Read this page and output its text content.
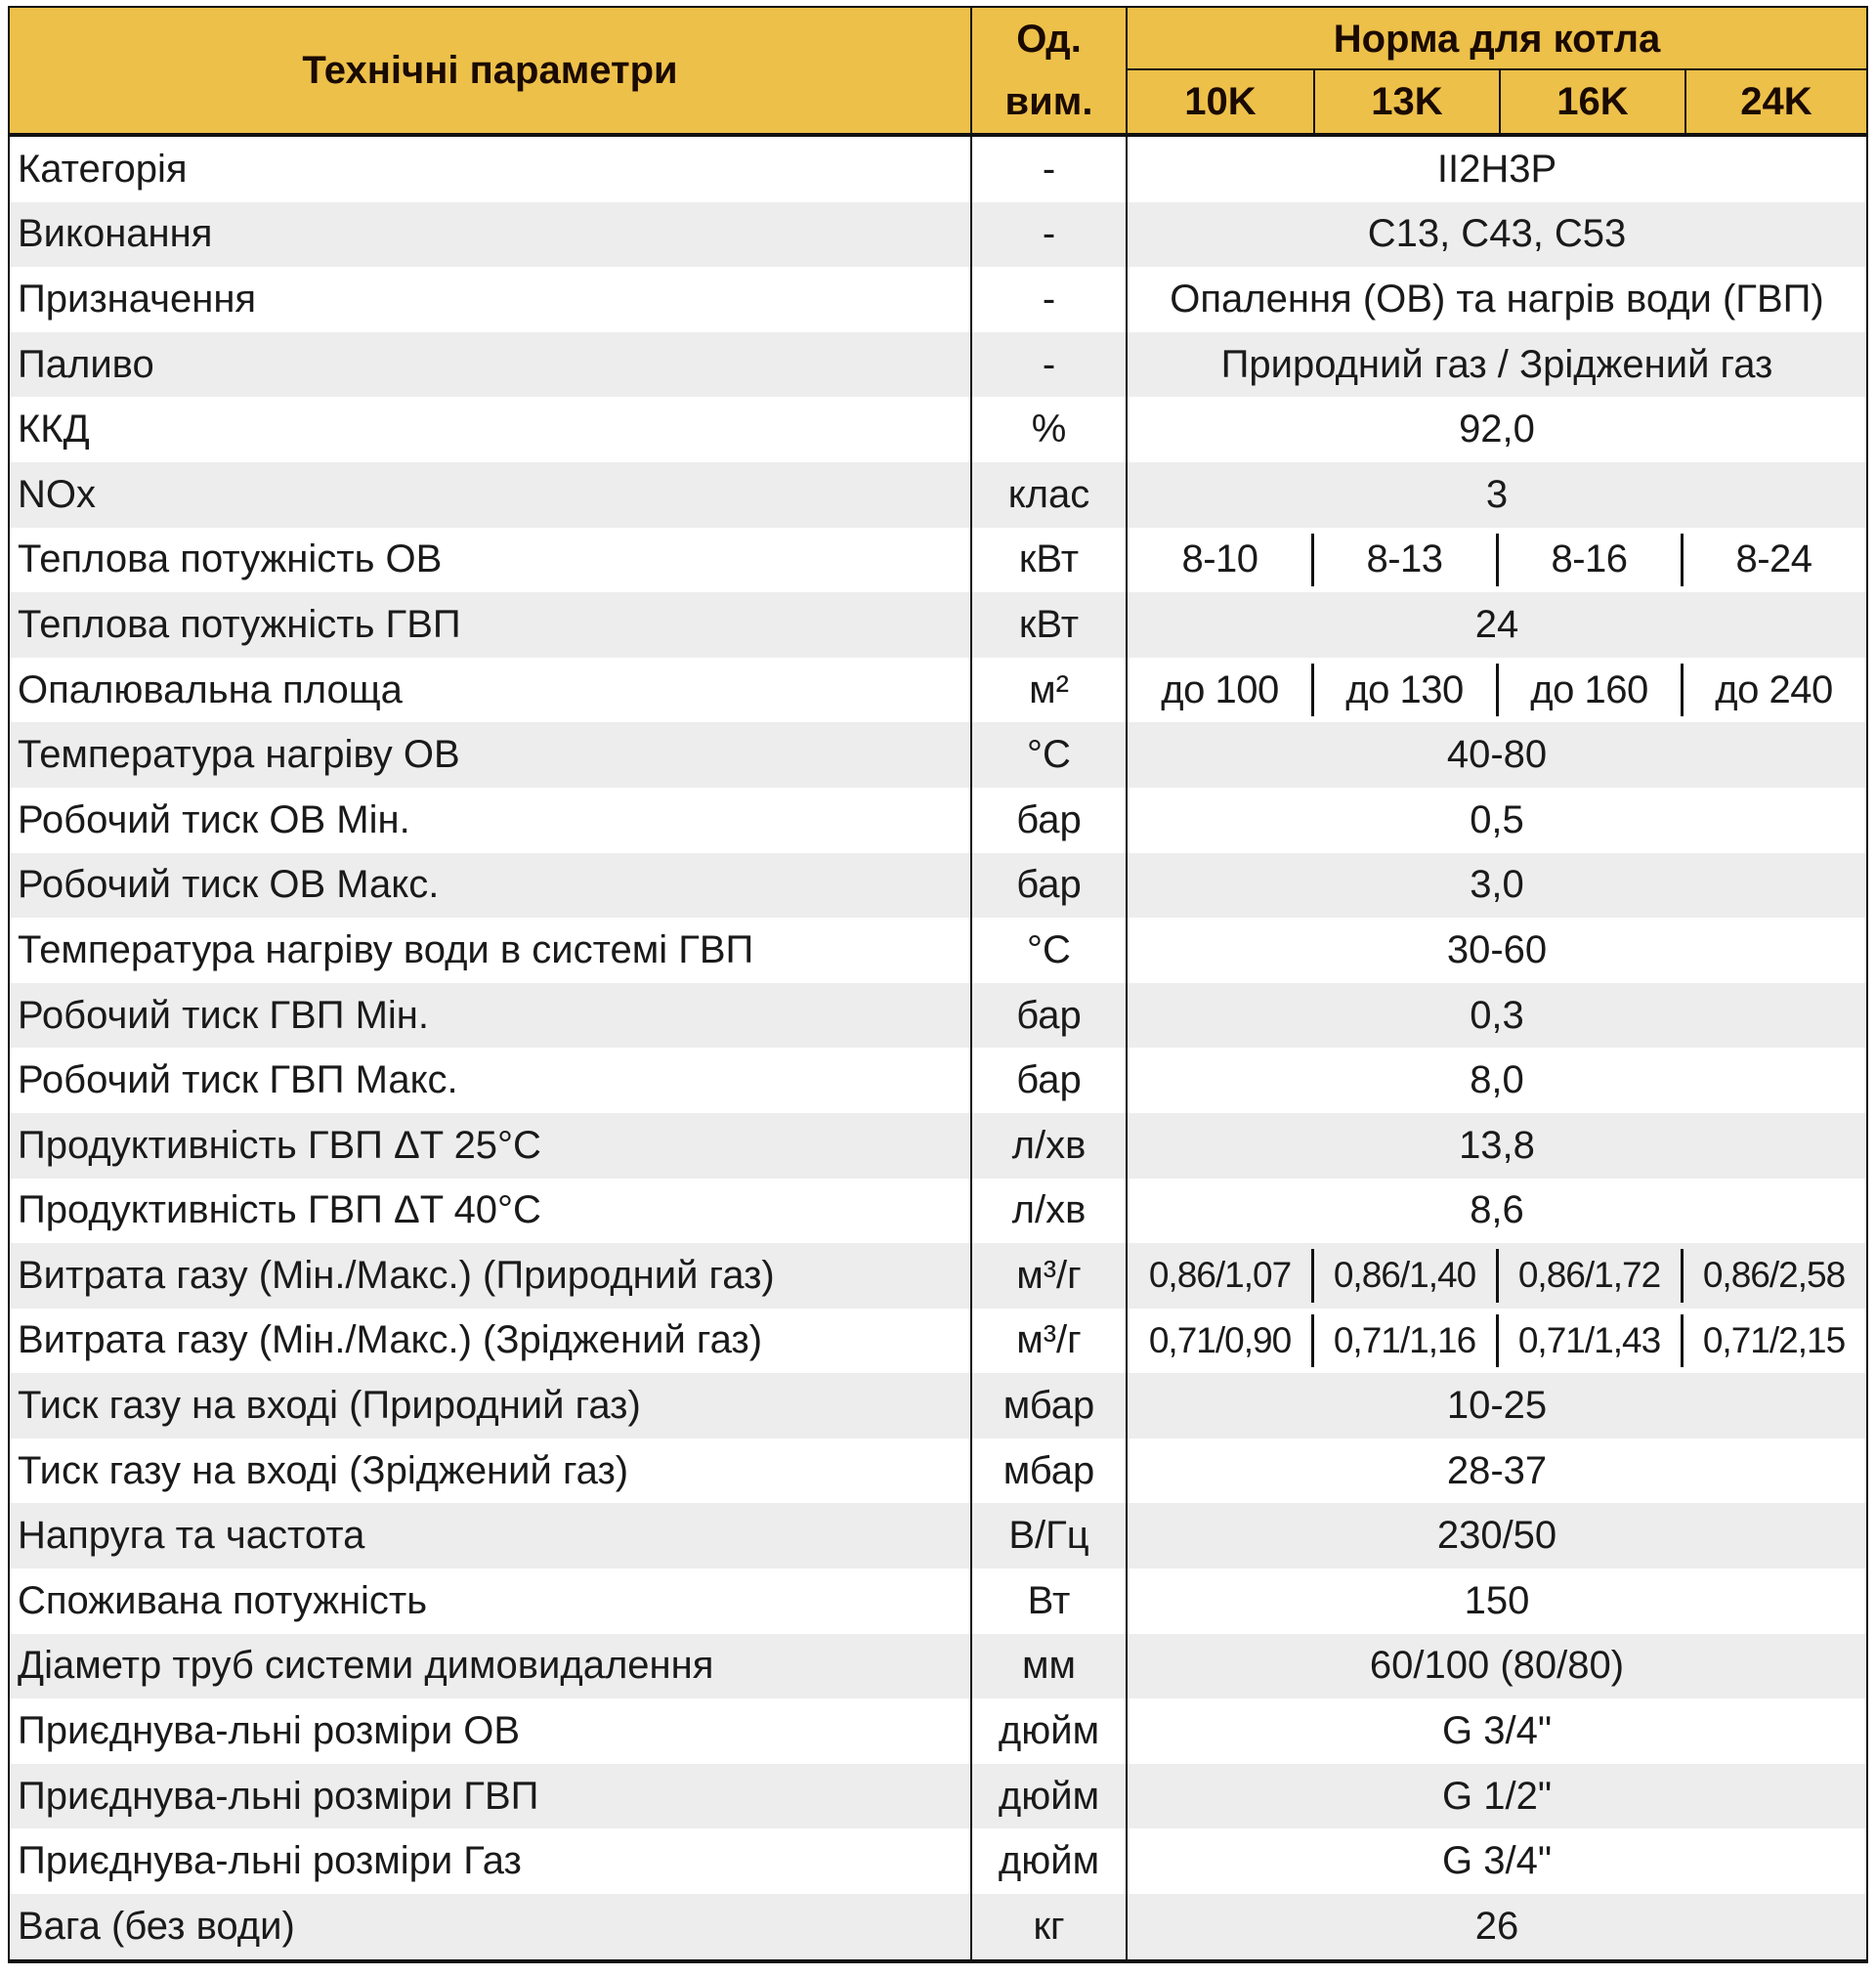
Технічні параметри
Од.
вим.
Норма для котла
10K	13K	16K	24K
Категорія	-	II2H3P
Виконання	-	C13, C43, C53
Призначення	-	Опалення (ОВ) та нагрів води (ГВП)
Паливо	-	Природний газ / Зріджений газ
ККД	%	92,0
NOx	клас	3
Теплова потужність ОВ	кВт	8-10	8-13	8-16	8-24
Теплова потужність ГВП	кВт	24
Опалювальна площа	м²	до 100	до 130	до 160	до 240
Температура нагріву ОВ	°C	40-80
Робочий тиск ОВ Мін.	бар	0,5
Робочий тиск ОВ Макс.	бар	3,0
Температура нагріву води в системі ГВП	°C	30-60
Робочий тиск ГВП Мін.	бар	0,3
Робочий тиск ГВП Макс.	бар	8,0
Продуктивність ГВП ΔT 25°C	л/хв	13,8
Продуктивність ГВП ΔT 40°C	л/хв	8,6
Витрата газу (Мін./Макс.) (Природний газ)	м³/г	0,86/1,07	0,86/1,40	0,86/1,72	0,86/2,58
Витрата газу (Мін./Макс.) (Зріджений газ)	м³/г	0,71/0,90	0,71/1,16	0,71/1,43	0,71/2,15
Тиск газу на вході (Природний газ)	мбар	10-25
Тиск газу на вході (Зріджений газ)	мбар	28-37
Напруга та частота	В/Гц	230/50
Споживана потужність	Вт	150
Діаметр труб системи димовидалення	мм	60/100 (80/80)
Приєднува-льні розміри ОВ	дюйм	G 3/4"
Приєднува-льні розміри ГВП	дюйм	G 1/2"
Приєднува-льні розміри Газ	дюйм	G 3/4"
Вага (без води)	кг	26
